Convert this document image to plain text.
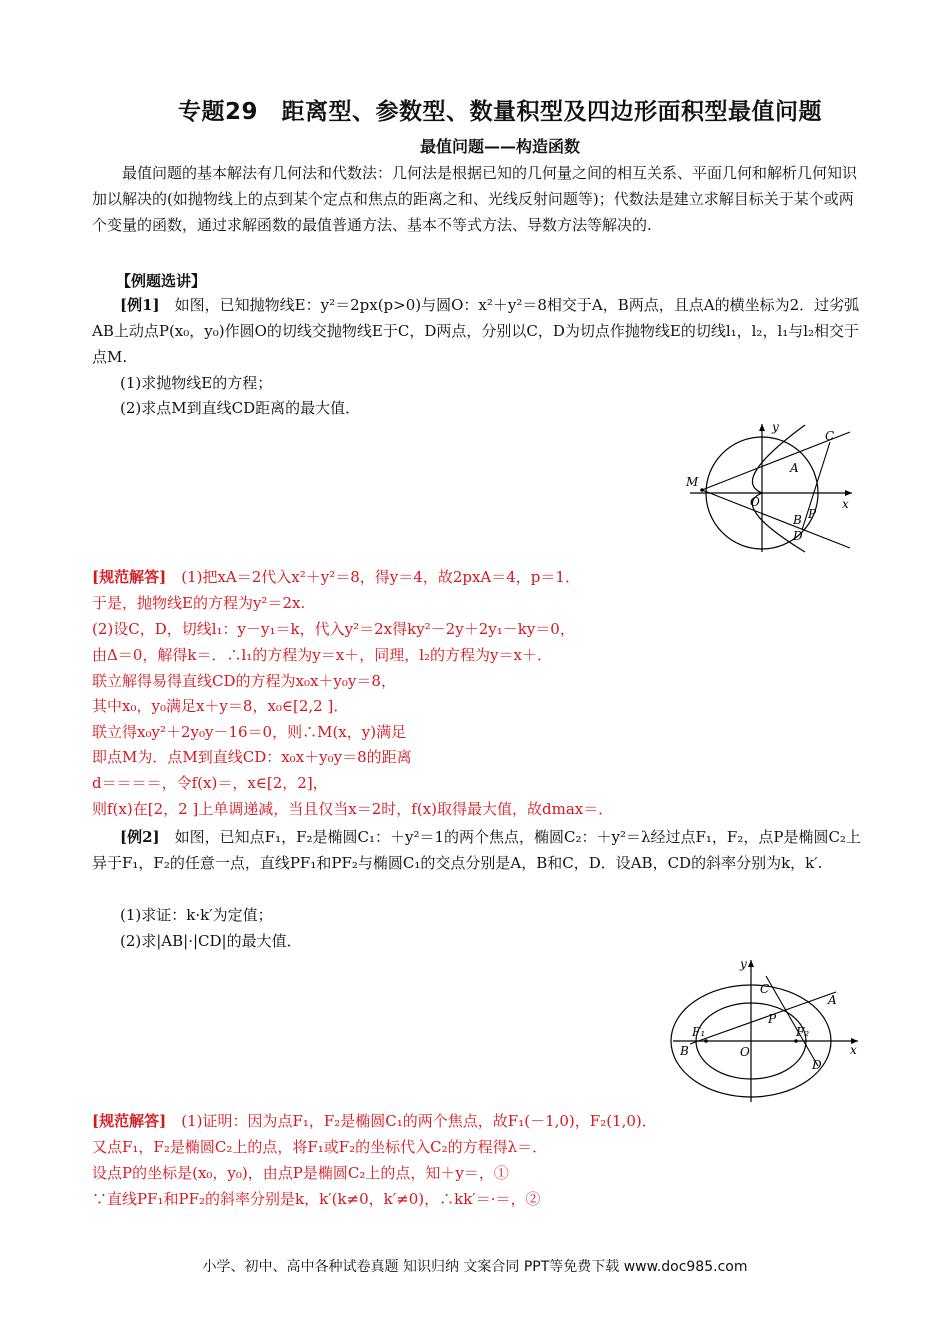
专题29　距离型、参数型、数量积型及四边形面积型最值问题
最值问题——构造函数

最值问题的基本解法有几何法和代数法：几何法是根据已知的几何量之间的相互关系、平面几何和解析几何知识加以解决的(如抛物线上的点到某个定点和焦点的距离之和、光线反射问题等)；代数法是建立求解目标关于某个或两个变量的函数，通过求解函数的最值普通方法、基本不等式方法、导数方法等解决的.

【例题选讲】

[例1]　 如图，已知抛物线E：y²＝2px(p>0)与圆O：x²＋y²＝8相交于A，B两点，且点A的横坐标为2．过劣弧AB上动点P(x₀，y₀)作圆O的切线交抛物线E于C，D两点，分别以C，D为切点作抛物线E的切线l₁，l₂，l₁与l₂相交于点M.

(1)求抛物线E的方程；

(2)求点M到直线CD距离的最大值．

y
x
O
M
A
B
C
D
P

[规范解答]　 (1)把xA＝2代入x²＋y²＝8，得y＝4，故2pxA＝4，p＝1．

于是，抛物线E的方程为y²＝2x.

(2)设C，D，切线l₁：y－y₁＝k，代入y²＝2x得ky²－2y＋2y₁－ky＝0，

由Δ＝0，解得k＝．∴l₁的方程为y＝x＋，同理，l₂的方程为y＝x＋．

联立解得易得直线CD的方程为x₀x＋y₀y＝8，

其中x₀，y₀满足x＋y＝8，x₀∈[2,2 ]．

联立得x₀y²＋2y₀y－16＝0，则∴M(x，y)满足

即点M为．点M到直线CD：x₀x＋y₀y＝8的距离

d＝＝＝＝，令f(x)＝，x∈[2，2]，

则f(x)在[2，2 ]上单调递减，当且仅当x＝2时，f(x)取得最大值，故dmax＝．

[例2]　 如图，已知点F₁，F₂是椭圆C₁：＋y²＝1的两个焦点，椭圆C₂：＋y²＝λ经过点F₁，F₂，点P是椭圆C₂上异于F₁，F₂的任意一点，直线PF₁和PF₂与椭圆C₁的交点分别是A，B和C，D．设AB，CD的斜率分别为k，k′.

(1)求证：k·k′为定值；

(2)求|AB|·|CD|的最大值．

y
x
O
A
B
C
D
P
F₁	F₂

[规范解答]　 (1)证明：因为点F₁，F₂是椭圆C₁的两个焦点，故F₁(－1,0)，F₂(1,0)．

又点F₁，F₂是椭圆C₂上的点，将F₁或F₂的坐标代入C₂的方程得λ＝．

设点P的坐标是(x₀，y₀)，由点P是椭圆C₂上的点，知＋y＝，①

∵直线PF₁和PF₂的斜率分别是k，k′(k≠0，k′≠0)，∴kk′＝·＝，②

小学、初中、高中各种试卷真题 知识归纳 文案合同 PPT等免费下载 www.doc985.com
